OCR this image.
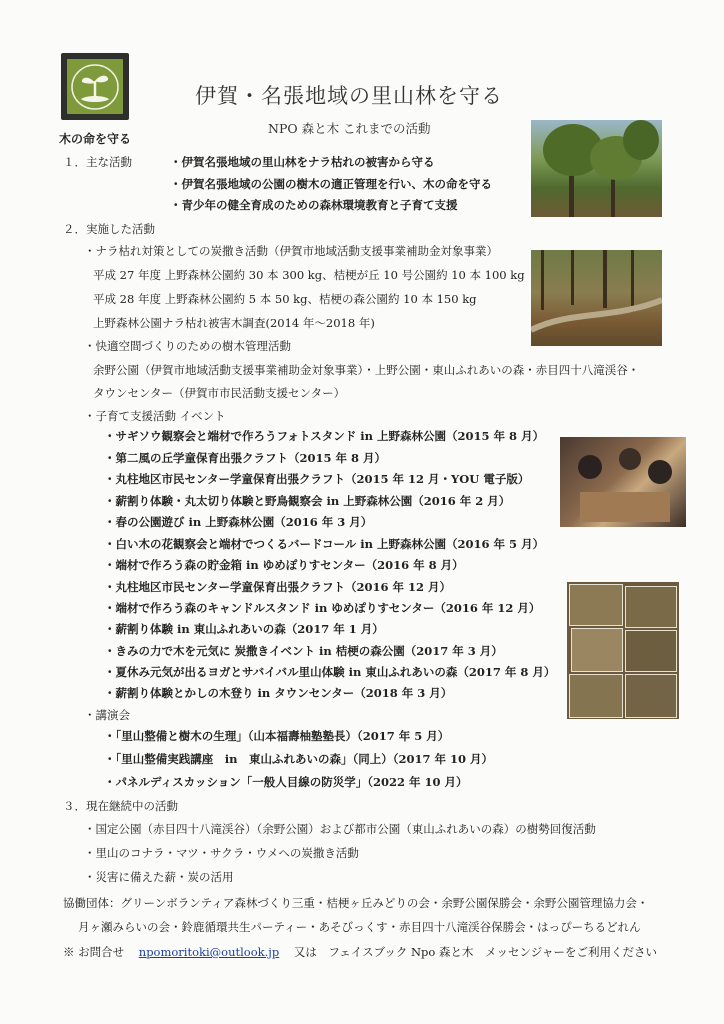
木の命を守る
伊賀・名張地域の里山林を守る
NPO 森と木 これまでの活動
１．主な活動	・伊賀名張地域の里山林をナラ枯れの被害から守る
・伊賀名張地域の公園の樹木の適正管理を行い、木の命を守る
・青少年の健全育成のための森林環境教育と子育て支援
２．実施した活動
・ナラ枯れ対策としての炭撒き活動（伊賀市地域活動支援事業補助金対象事業）
平成 27 年度 上野森林公園約 30 本 300 kg、桔梗が丘 10 号公園約 10 本 100 kg
平成 28 年度 上野森林公園約 5 本 50 kg、桔梗の森公園約 10 本 150 kg
上野森林公園ナラ枯れ被害木調査(2014 年〜2018 年)
・快適空間づくりのための樹木管理活動
余野公園（伊賀市地域活動支援事業補助金対象事業）・上野公園・東山ふれあいの森・赤目四十八滝渓谷・
タウンセンター（伊賀市市民活動支援センター）
・子育て支援活動 イベント
・サギソウ観察会と端材で作ろうフォトスタンド in 上野森林公園（2015 年 8 月）
・第二風の丘学童保育出張クラフト（2015 年 8 月）
・丸柱地区市民センター学童保育出張クラフト（2015 年 12 月・YOU 電子版）
・薪割り体験・丸太切り体験と野鳥観察会 in 上野森林公園（2016 年 2 月）
・春の公園遊び in 上野森林公園（2016 年 3 月）
・白い木の花観察会と端材でつくるバードコール in 上野森林公園（2016 年 5 月）
・端材で作ろう森の貯金箱 in ゆめぽりすセンター（2016 年 8 月）
・丸柱地区市民センター学童保育出張クラフト（2016 年 12 月）
・端材で作ろう森のキャンドルスタンド in ゆめぽりすセンター（2016 年 12 月）
・薪割り体験 in 東山ふれあいの森（2017 年 1 月）
・きみの力で木を元気に 炭撒きイベント in 桔梗の森公園（2017 年 3 月）
・夏休み元気が出るヨガとサバイバル里山体験 in 東山ふれあいの森（2017 年 8 月）
・薪割り体験とかしの木登り in タウンセンター（2018 年 3 月）
・講演会
・「里山整備と樹木の生理」（山本福壽柚塾塾長）（2017 年 5 月）
・「里山整備実践講座　in　東山ふれあいの森」（同上）（2017 年 10 月）
・パネルディスカッション「一般人目線の防災学」（2022 年 10 月）
３．現在継続中の活動
・国定公園（赤目四十八滝渓谷）（余野公園）および都市公園（東山ふれあいの森）の樹勢回復活動
・里山のコナラ・マツ・サクラ・ウメへの炭撒き活動
・災害に備えた薪・炭の活用
協働団体：グリーンボランティア森林づくり三重・桔梗ヶ丘みどりの会・余野公園保勝会・余野公園管理協力会・
月ヶ瀬みらいの会・鈴鹿循環共生パーティー・あそびっくす・赤目四十八滝渓谷保勝会・はっぴーちるどれん
※ お問合せ npomoritoki@outlook.jp 又は　フェイスブック Npo 森と木　メッセンジャーをご利用ください
